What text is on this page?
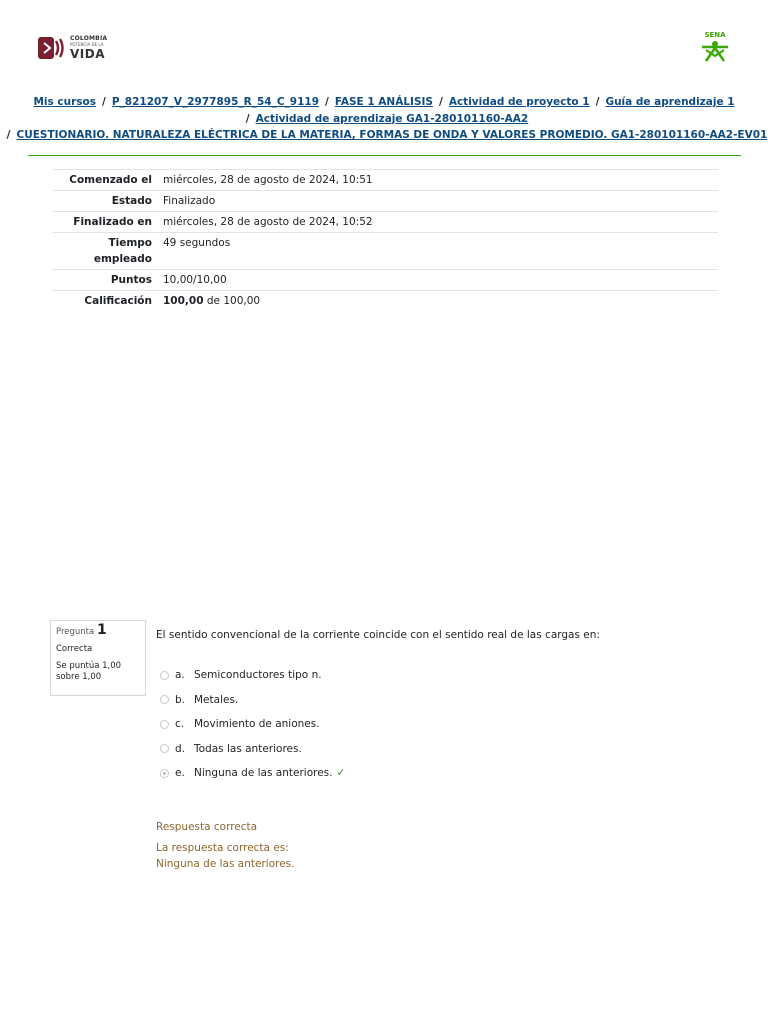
COLOMBIA
POTENCIA DE LA
VIDA
SENA
Mis cursos / P_821207_V_2977895_R_54_C_9119 / FASE 1 ANÁLISIS / Actividad de proyecto 1 / Guía de aprendizaje 1
/ Actividad de aprendizaje GA1-280101160-AA2
/ CUESTIONARIO. NATURALEZA ELÉCTRICA DE LA MATERIA, FORMAS DE ONDA Y VALORES PROMEDIO. GA1-280101160-AA2-EV01
Comenzado el	miércoles, 28 de agosto de 2024, 10:51
Estado	Finalizado
Finalizado en	miércoles, 28 de agosto de 2024, 10:52
Tiempo empleado	49 segundos
Puntos	10,00/10,00
Calificación	100,00 de 100,00
Pregunta 1
Correcta
Se puntúa 1,00 sobre 1,00
El sentido convencional de la corriente coincide con el sentido real de las cargas en:
a. Semiconductores tipo n.
b. Metales.
c. Movimiento de aniones.
d. Todas las anteriores.
e. Ninguna de las anteriores. ✓
Respuesta correcta
La respuesta correcta es:
Ninguna de las anteriores.
